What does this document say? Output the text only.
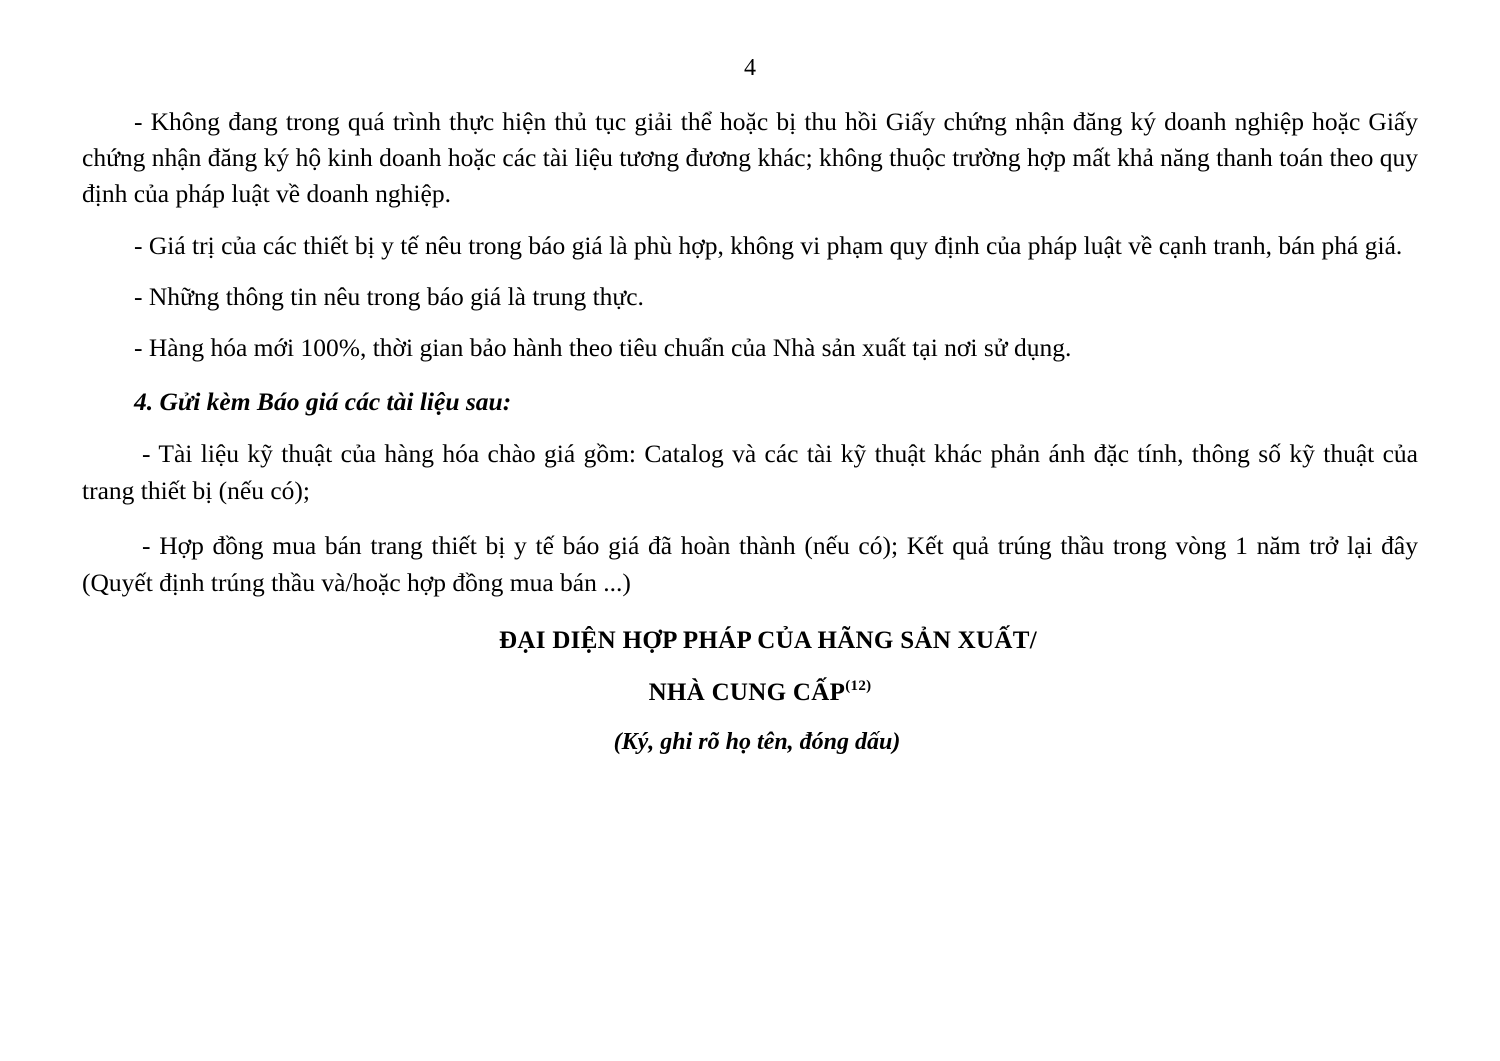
4

- Không đang trong quá trình thực hiện thủ tục giải thể hoặc bị thu hồi Giấy chứng nhận đăng ký doanh nghiệp hoặc Giấy chứng nhận đăng ký hộ kinh doanh hoặc các tài liệu tương đương khác; không thuộc trường hợp mất khả năng thanh toán theo quy định của pháp luật về doanh nghiệp.

- Giá trị của các thiết bị y tế nêu trong báo giá là phù hợp, không vi phạm quy định của pháp luật về cạnh tranh, bán phá giá.

- Những thông tin nêu trong báo giá là trung thực.

- Hàng hóa mới 100%, thời gian bảo hành theo tiêu chuẩn của Nhà sản xuất tại nơi sử dụng.

4. Gửi kèm Báo giá các tài liệu sau:

- Tài liệu kỹ thuật của hàng hóa chào giá gồm: Catalog và các tài kỹ thuật khác phản ánh đặc tính, thông số kỹ thuật của trang thiết bị (nếu có);

- Hợp đồng mua bán trang thiết bị y tế báo giá đã hoàn thành (nếu có); Kết quả trúng thầu trong vòng 1 năm trở lại đây (Quyết định trúng thầu và/hoặc hợp đồng mua bán ...)

ĐẠI DIỆN HỢP PHÁP CỦA HÃNG SẢN XUẤT/
NHÀ CUNG CẤP$^{(12)}$
(Ký, ghi rõ họ tên, đóng dấu)
